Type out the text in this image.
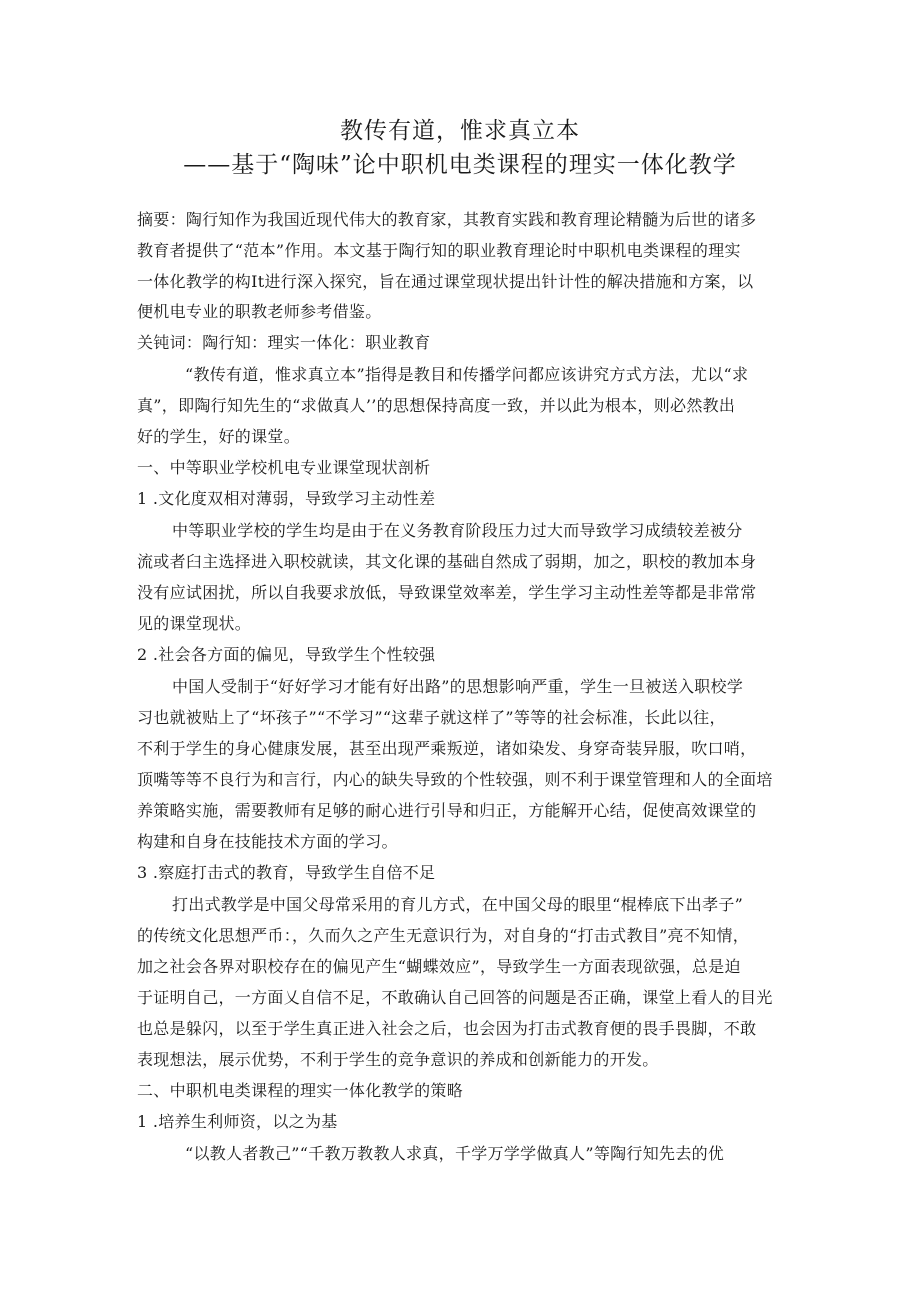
教传有道，惟求真立本
——基于“陶味”论中职机电类课程的理实一体化教学
摘要：陶行知作为我国近现代伟大的教育家，其教育实践和教育理论精髓为后世的诸多
教育者提供了“范本”作用。本文基于陶行知的职业教育理论时中职机电类课程的理实
一体化教学的构It进行深入探究，旨在通过课堂现状提出针计性的解决措施和方案，以
便机电专业的职教老师参考借鉴。
关钝词：陶行知：理实一体化：职业教育
“教传有道，惟求真立本”指得是教目和传播学问都应该讲究方式方法，尤以“求
真”，即陶行知先生的“求做真人’’的思想保持高度一致，并以此为根本，则必然教出
好的学生，好的课堂。
一、中等职业学校机电专业课堂现状剖析
1 .文化度双相对薄弱，导致学习主动性差
中等职业学校的学生均是由于在义务教育阶段压力过大而导致学习成绩较差被分
流或者臼主选择进入职校就读，其文化课的基础自然成了弱期，加之，职校的教加本身
没有应试困扰，所以自我要求放低，导致课堂效率差，学生学习主动性差等都是非常常
见的课堂现状。
2 .社会各方面的偏见，导致学生个性较强
中国人受制于“好好学习才能有好出路”的思想影响严重，学生一旦被送入职校学
习也就被贴上了“坏孩子”“不学习”“这辈子就这样了”等等的社会标准，长此以往，
不利于学生的身心健康发展，甚至出现严乘叛逆，诸如染发、身穿奇装异服，吹口哨，
顶嘴等等不良行为和言行，内心的缺失导致的个性较强，则不利于课堂管理和人的全面培
养策略实施，需要教师有足够的耐心进行引导和归正，方能解开心结，促使高效课堂的
构建和自身在技能技术方面的学习。
3 .察庭打击式的教育，导致学生自倍不足
打出式教学是中国父母常采用的育儿方式，在中国父母的眼里“棍棒底下出孝子”
的传统文化思想严币：，久而久之产生无意识行为，对自身的“打击式教目”亮不知情，
加之社会各界对职校存在的偏见产生“蝴蝶效应”，导致学生一方面表现欲强，总是迫
于证明自己，一方面乂自信不足，不敢确认自己回答的问题是否正确，课堂上看人的目光
也总是躲闪，以至于学生真正进入社会之后，也会因为打击式教育便的畏手畏脚，不敢
表现想法，展示优势，不利于学生的竞争意识的养成和创新能力的开发。
二、中职机电类课程的理实一体化教学的策略
1 .培养生利师资，以之为基
“以教人者教己”“千教万教教人求真，千学万学学做真人”等陶行知先去的优
